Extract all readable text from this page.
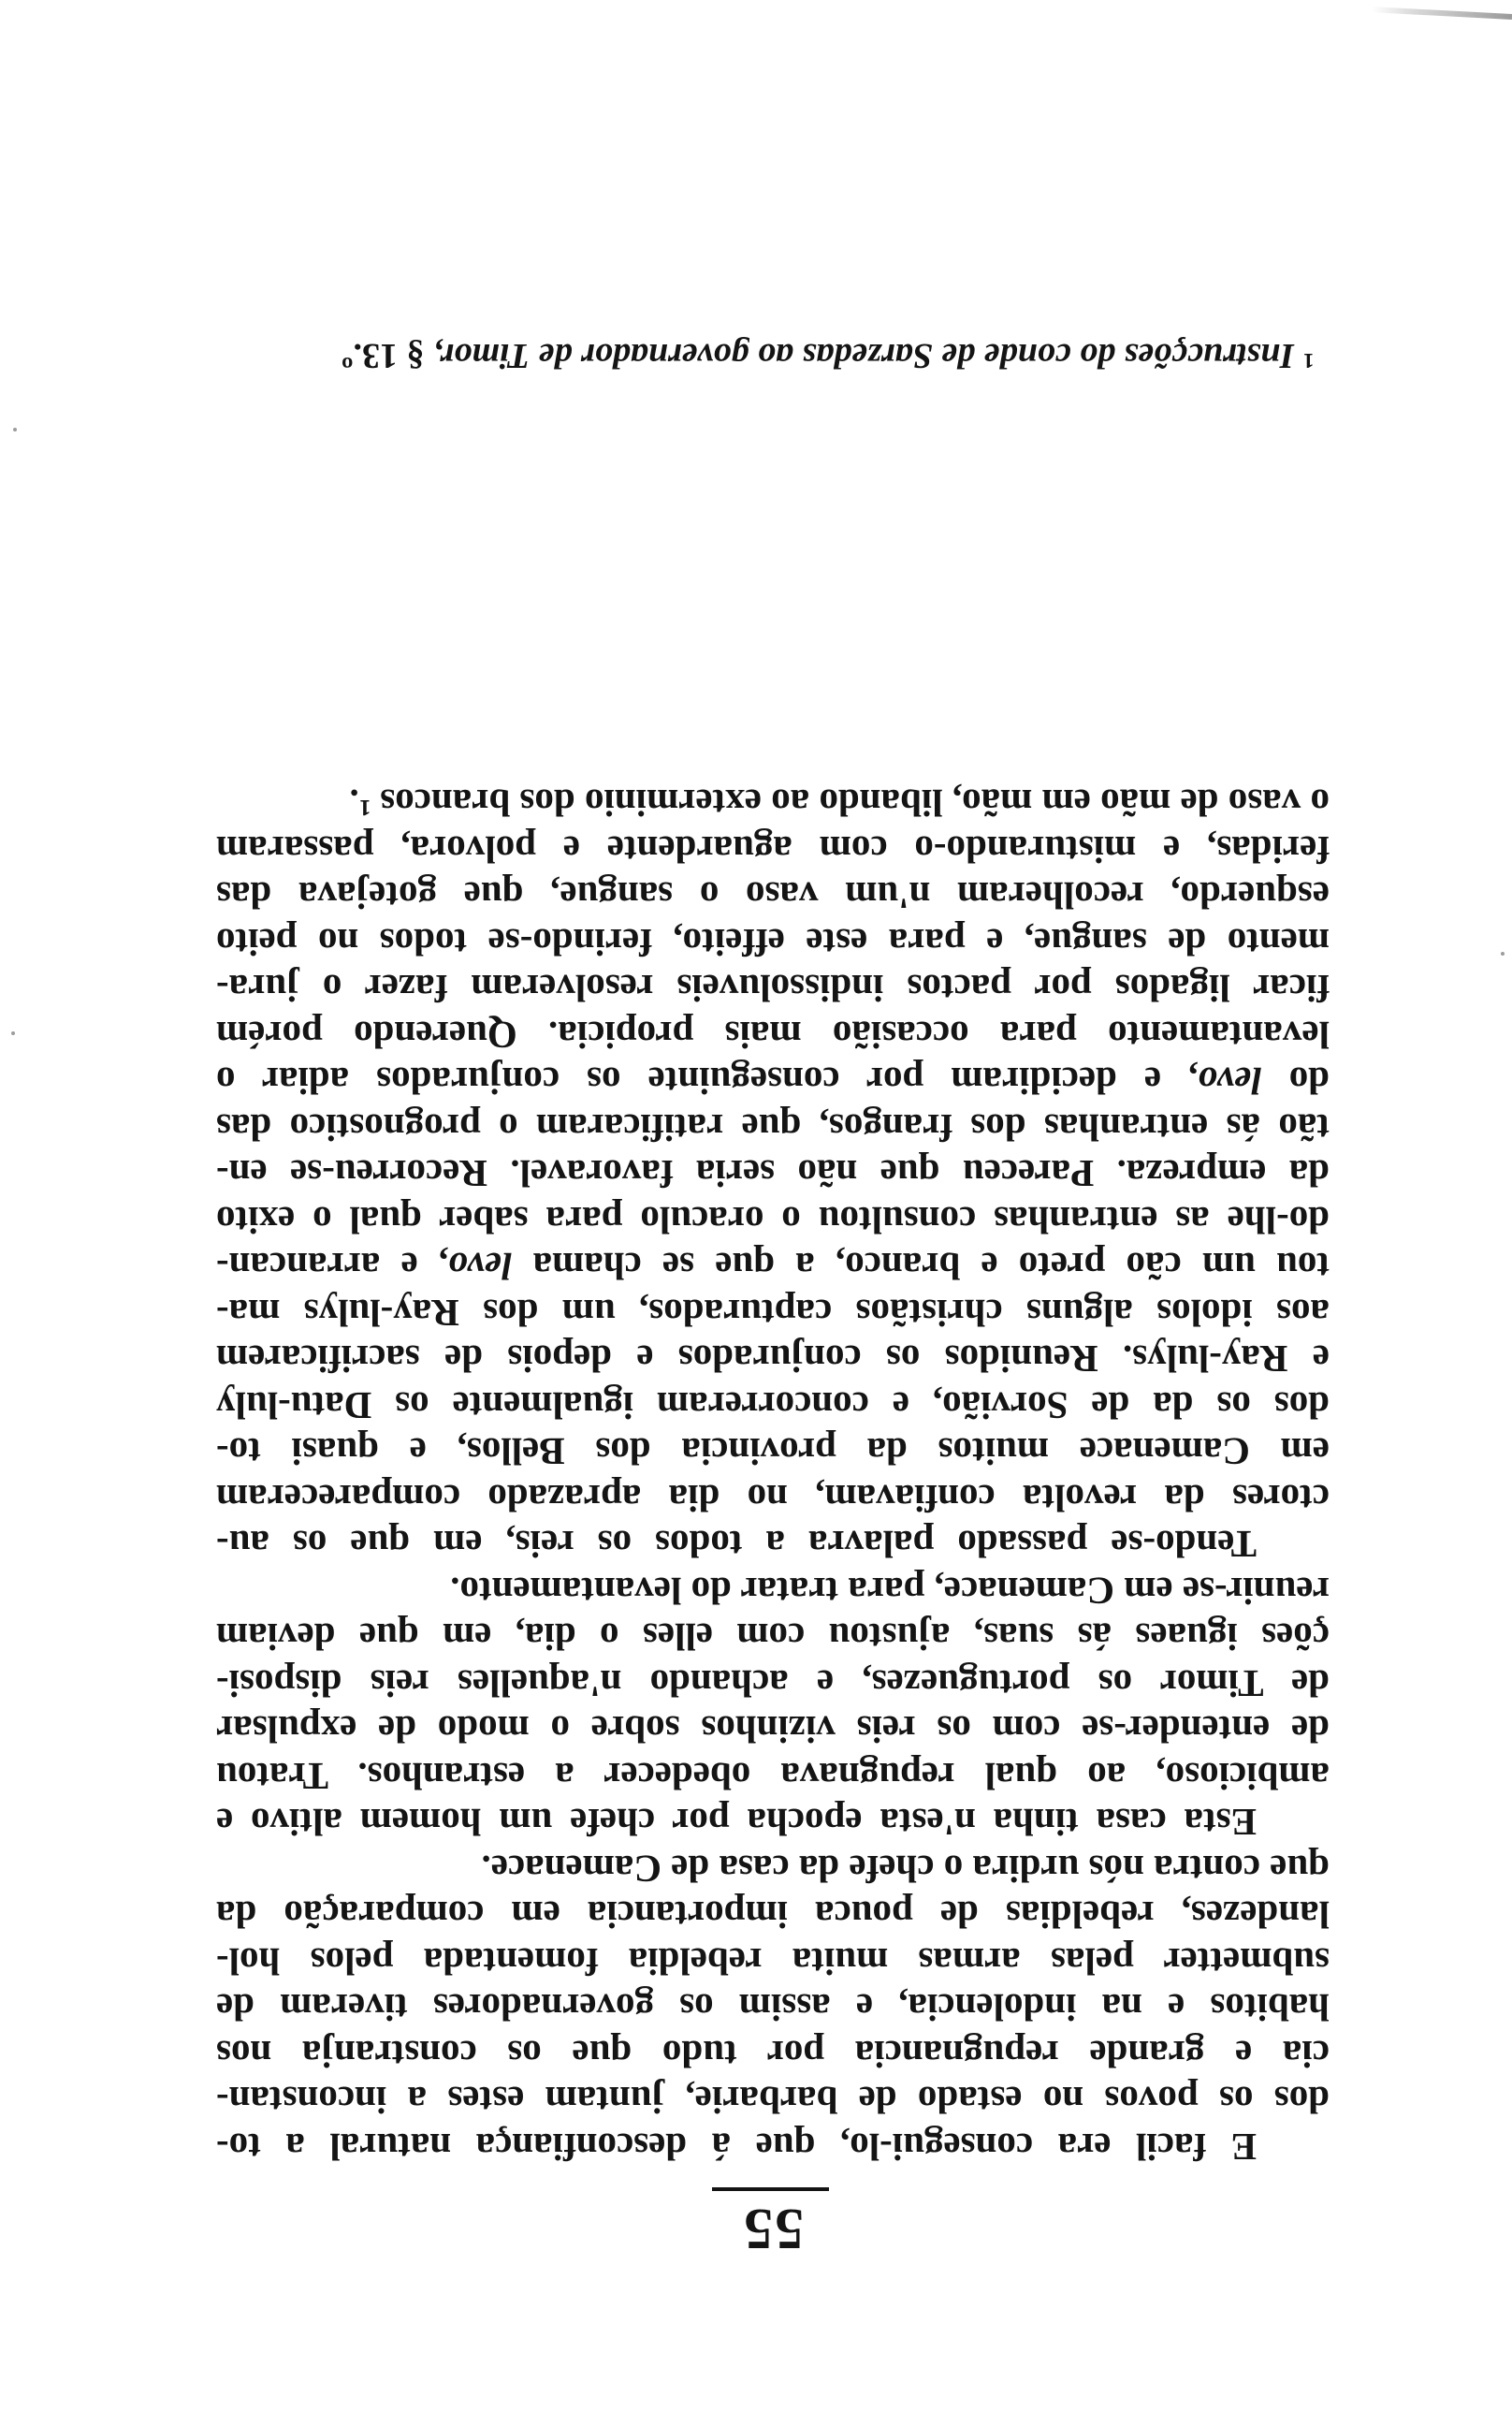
55
E facil era consegui-lo, que á desconfiança natural a to-
dos os povos no estado de barbarie, juntam estes a inconstan-
cia e grande repugnancia por tudo que os constranja nos
habitos e na indolencia, e assim os governadores tiveram de
submetter pelas armas muita rebeldia fomentada pelos hol-
landezes, rebeldias de pouca importancia em comparação da
que contra nós urdira o chefe da casa de Camenace.
Esta casa tinha n'esta epocha por chefe um homem altivo e
ambicioso, ao qual repugnava obedecer a estranhos. Tratou
de entender-se com os reis vizinhos sobre o modo de expulsar
de Timor os portuguezes, e achando n'aquelles reis disposi-
ções iguaes ás suas, ajustou com elles o dia, em que deviam
reunir-se em Camenace, para tratar do levantamento.
Tendo-se passado palavra a todos os reis, em que os au-
ctores da revolta confiavam, no dia aprazado compareceram
em Camenace muitos da provincia dos Bellos, e quasi to-
dos os da de Sorvião, e concorreram igualmente os Datu-luly
e Ray-lulys. Reunidos os conjurados e depois de sacrificarem
aos idolos alguns christãos capturados, um dos Ray-lulys ma-
tou um cão preto e branco, a que se chama levo, e arrancan-
do-lhe as entranhas consultou o oraculo para saber qual o exito
da empreza. Pareceu que não seria favoravel. Recorreu-se en-
tão ás entranhas dos frangos, que ratificaram o prognostico das
do levo, e decidiram por conseguinte os conjurados adiar o
levantamento para occasião mais propicia. Querendo porém
ficar ligados por pactos indissoluveis resolveram fazer o jura-
mento de sangue, e para este effeito, ferindo-se todos no peito
esquerdo, recolheram n'um vaso o sangue, que gotejava das
feridas, e misturando-o com aguardente e polvora, passaram
o vaso de mão em mão, libando ao exterminio dos brancos ¹.
¹ Instrucções do conde de Sarzedas ao governador de Timor, § 13.º
